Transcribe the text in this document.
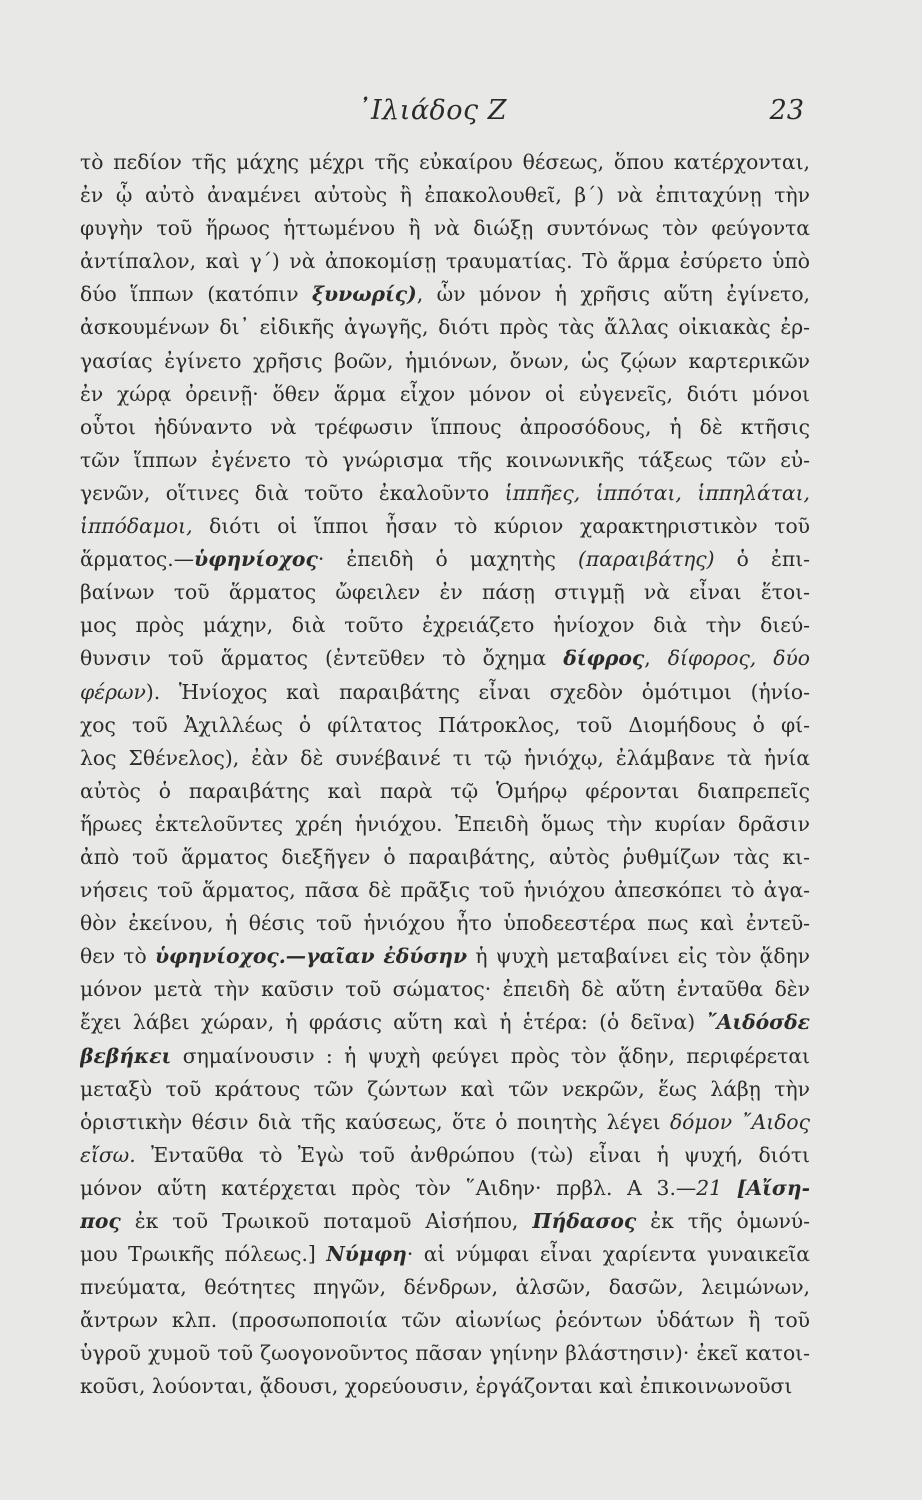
᾿Ιλιάδος Ζ	23
τὸ πεδίον τῆς μάχης μέχρι τῆς εὐκαίρου θέσεως, ὅπου κατέρχονται,
ἐν ᾧ αὐτὸ ἀναμένει αὐτοὺς ἢ ἐπακολουθεῖ, β΄) νὰ ἐπιταχύνῃ τὴν
φυγὴν τοῦ ἥρωος ἡττωμένου ἢ νὰ διώξῃ συντόνως τὸν φεύγοντα
ἀντίπαλον, καὶ γ΄) νὰ ἀποκομίσῃ τραυματίας. Τὸ ἅρμα ἐσύρετο ὑπὸ
δύο ἵππων (κατόπιν ξυνωρίς), ὧν μόνον ἡ χρῆσις αὕτη ἐγίνετο,
ἀσκουμένων δι᾽ εἰδικῆς ἀγωγῆς, διότι πρὸς τὰς ἄλλας οἰκιακὰς ἐρ-
γασίας ἐγίνετο χρῆσις βοῶν, ἡμιόνων, ὄνων, ὡς ζῴων καρτερικῶν
ἐν χώρᾳ ὀρεινῇ· ὅθεν ἅρμα εἶχον μόνον οἱ εὐγενεῖς, διότι μόνοι
οὗτοι ἠδύναντο νὰ τρέφωσιν ἵππους ἀπροσόδους, ἡ δὲ κτῆσις
τῶν ἵππων ἐγένετο τὸ γνώρισμα τῆς κοινωνικῆς τάξεως τῶν εὐ-
γενῶν, οἵτινες διὰ τοῦτο ἐκαλοῦντο ἱππῆες, ἱππόται, ἱππηλάται,
ἱππόδαμοι, διότι οἱ ἵπποι ἦσαν τὸ κύριον χαρακτηριστικὸν τοῦ
ἅρματος.—ὑφηνίοχος· ἐπειδὴ ὁ μαχητὴς (παραιβάτης) ὁ ἐπι-
βαίνων τοῦ ἅρματος ὤφειλεν ἐν πάσῃ στιγμῇ νὰ εἶναι ἕτοι-
μος πρὸς μάχην, διὰ τοῦτο ἐχρειάζετο ἡνίοχον διὰ τὴν διεύ-
θυνσιν τοῦ ἅρματος (ἐντεῦθεν τὸ ὄχημα δίφρος, δίφορος, δύο
φέρων). Ἡνίοχος καὶ παραιβάτης εἶναι σχεδὸν ὁμότιμοι (ἡνίο-
χος τοῦ Ἀχιλλέως ὁ φίλτατος Πάτροκλος, τοῦ Διομήδους ὁ φί-
λος Σθένελος), ἐὰν δὲ συνέβαινέ τι τῷ ἡνιόχῳ, ἐλάμβανε τὰ ἡνία
αὐτὸς ὁ παραιβάτης καὶ παρὰ τῷ Ὁμήρῳ φέρονται διαπρεπεῖς
ἥρωες ἐκτελοῦντες χρέη ἡνιόχου. Ἐπειδὴ ὅμως τὴν κυρίαν δρᾶσιν
ἀπὸ τοῦ ἅρματος διεξῆγεν ὁ παραιβάτης, αὐτὸς ῥυθμίζων τὰς κι-
νήσεις τοῦ ἅρματος, πᾶσα δὲ πρᾶξις τοῦ ἡνιόχου ἀπεσκόπει τὸ ἀγα-
θὸν ἐκείνου, ἡ θέσις τοῦ ἡνιόχου ἦτο ὑποδεεστέρα πως καὶ ἐντεῦ-
θεν τὸ ὑφηνίοχος.—γαῖαν ἐδύσην ἡ ψυχὴ μεταβαίνει εἰς τὸν ᾅδην
μόνον μετὰ τὴν καῦσιν τοῦ σώματος· ἐπειδὴ δὲ αὕτη ἐνταῦθα δὲν
ἔχει λάβει χώραν, ἡ φράσις αὕτη καὶ ἡ ἑτέρα: (ὁ δεῖνα) ῎Αιδόσδε
βεβήκει σημαίνουσιν : ἡ ψυχὴ φεύγει πρὸς τὸν ᾅδην, περιφέρεται
μεταξὺ τοῦ κράτους τῶν ζώντων καὶ τῶν νεκρῶν, ἕως λάβῃ τὴν
ὁριστικὴν θέσιν διὰ τῆς καύσεως, ὅτε ὁ ποιητὴς λέγει δόμον ῎Αιδος
εἴσω. Ἐνταῦθα τὸ Ἐγὼ τοῦ ἀνθρώπου (τὼ) εἶναι ἡ ψυχή, διότι
μόνον αὕτη κατέρχεται πρὸς τὸν ῞Αιδην· πρβλ. Α 3.—21 [Αἴση-
πος ἐκ τοῦ Τρωικοῦ ποταμοῦ Αἰσήπου, Πήδασος ἐκ τῆς ὁμωνύ-
μου Τρωικῆς πόλεως.] Νύμφη· αἱ νύμφαι εἶναι χαρίεντα γυναικεῖα
πνεύματα, θεότητες πηγῶν, δένδρων, ἀλσῶν, δασῶν, λειμώνων,
ἄντρων κλπ. (προσωποποιία τῶν αἰωνίως ῥεόντων ὑδάτων ἢ τοῦ
ὑγροῦ χυμοῦ τοῦ ζωογονοῦντος πᾶσαν γηίνην βλάστησιν)· ἐκεῖ κατοι-
κοῦσι, λούονται, ᾄδουσι, χορεύουσιν, ἐργάζονται καὶ ἐπικοινωνοῦσι
